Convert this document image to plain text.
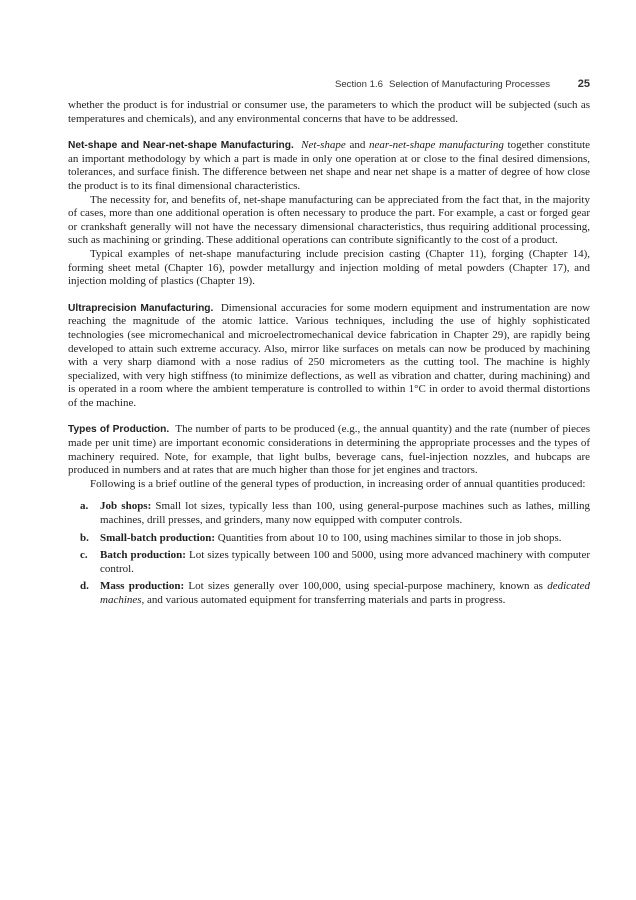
Section 1.6 Selection of Manufacturing Processes	25

whether the product is for industrial or consumer use, the parameters to which the product will be subjected (such as temperatures and chemicals), and any environmental concerns that have to be addressed.

Net-shape and Near-net-shape Manufacturing. Net-shape and near-net-shape manufacturing together constitute an important methodology by which a part is made in only one operation at or close to the final desired dimensions, tolerances, and surface finish. The difference between net shape and near net shape is a matter of degree of how close the product is to its final dimensional characteristics.

The necessity for, and benefits of, net-shape manufacturing can be appreciated from the fact that, in the majority of cases, more than one additional operation is often necessary to produce the part. For example, a cast or forged gear or crankshaft generally will not have the necessary dimensional characteristics, thus requiring additional processing, such as machining or grinding. These additional operations can contribute significantly to the cost of a product.

Typical examples of net-shape manufacturing include precision casting (Chapter 11), forging (Chapter 14), forming sheet metal (Chapter 16), powder metallurgy and injection molding of metal powders (Chapter 17), and injection molding of plastics (Chapter 19).

Ultraprecision Manufacturing. Dimensional accuracies for some modern equipment and instrumentation are now reaching the magnitude of the atomic lattice. Various techniques, including the use of highly sophisticated technologies (see micromechanical and microelectromechanical device fabrication in Chapter 29), are rapidly being developed to attain such extreme accuracy. Also, mirror like surfaces on metals can now be produced by machining with a very sharp diamond with a nose radius of 250 micrometers as the cutting tool. The machine is highly specialized, with very high stiffness (to minimize deflections, as well as vibration and chatter, during machining) and is operated in a room where the ambient temperature is controlled to within 1°C in order to avoid thermal distortions of the machine.

Types of Production. The number of parts to be produced (e.g., the annual quantity) and the rate (number of pieces made per unit time) are important economic considerations in determining the appropriate processes and the types of machinery required. Note, for example, that light bulbs, beverage cans, fuel-injection nozzles, and hubcaps are produced in numbers and at rates that are much higher than those for jet engines and tractors.

Following is a brief outline of the general types of production, in increasing order of annual quantities produced:

a. Job shops: Small lot sizes, typically less than 100, using general-purpose machines such as lathes, milling machines, drill presses, and grinders, many now equipped with computer controls.
b. Small-batch production: Quantities from about 10 to 100, using machines similar to those in job shops.
c. Batch production: Lot sizes typically between 100 and 5000, using more advanced machinery with computer control.
d. Mass production: Lot sizes generally over 100,000, using special-purpose machinery, known as dedicated machines, and various automated equipment for transferring materials and parts in progress.
